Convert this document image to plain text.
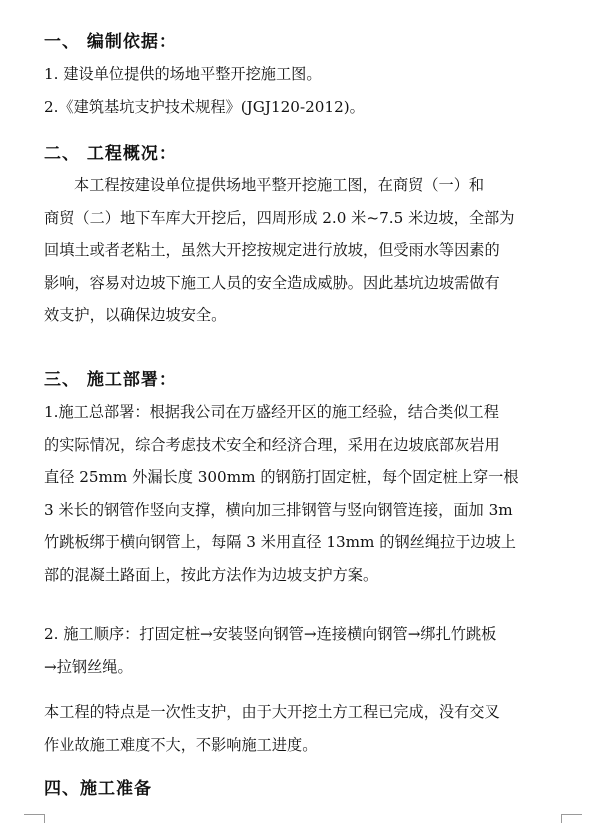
一、 编制依据：
1. 建设单位提供的场地平整开挖施工图。
2.《建筑基坑支护技术规程》(JGJ120-2012)。
二、 工程概况：
本工程按建设单位提供场地平整开挖施工图，在商贸（一）和
商贸（二）地下车库大开挖后，四周形成 2.0 米~7.5 米边坡，全部为
回填土或者老粘土，虽然大开挖按规定进行放坡，但受雨水等因素的
影响，容易对边坡下施工人员的安全造成威胁。因此基坑边坡需做有
效支护，以确保边坡安全。
三、 施工部署：
1.施工总部署：根据我公司在万盛经开区的施工经验，结合类似工程
的实际情况，综合考虑技术安全和经济合理，采用在边坡底部灰岩用
直径 25mm 外漏长度 300mm 的钢筋打固定桩，每个固定桩上穿一根
3 米长的钢管作竖向支撑，横向加三排钢管与竖向钢管连接，面加 3m
竹跳板绑于横向钢管上，每隔 3 米用直径 13mm 的钢丝绳拉于边坡上
部的混凝土路面上，按此方法作为边坡支护方案。
2. 施工顺序：打固定桩→安装竖向钢管→连接横向钢管→绑扎竹跳板
→拉钢丝绳。
本工程的特点是一次性支护，由于大开挖土方工程已完成，没有交叉
作业故施工难度不大，不影响施工进度。
四、施工准备
